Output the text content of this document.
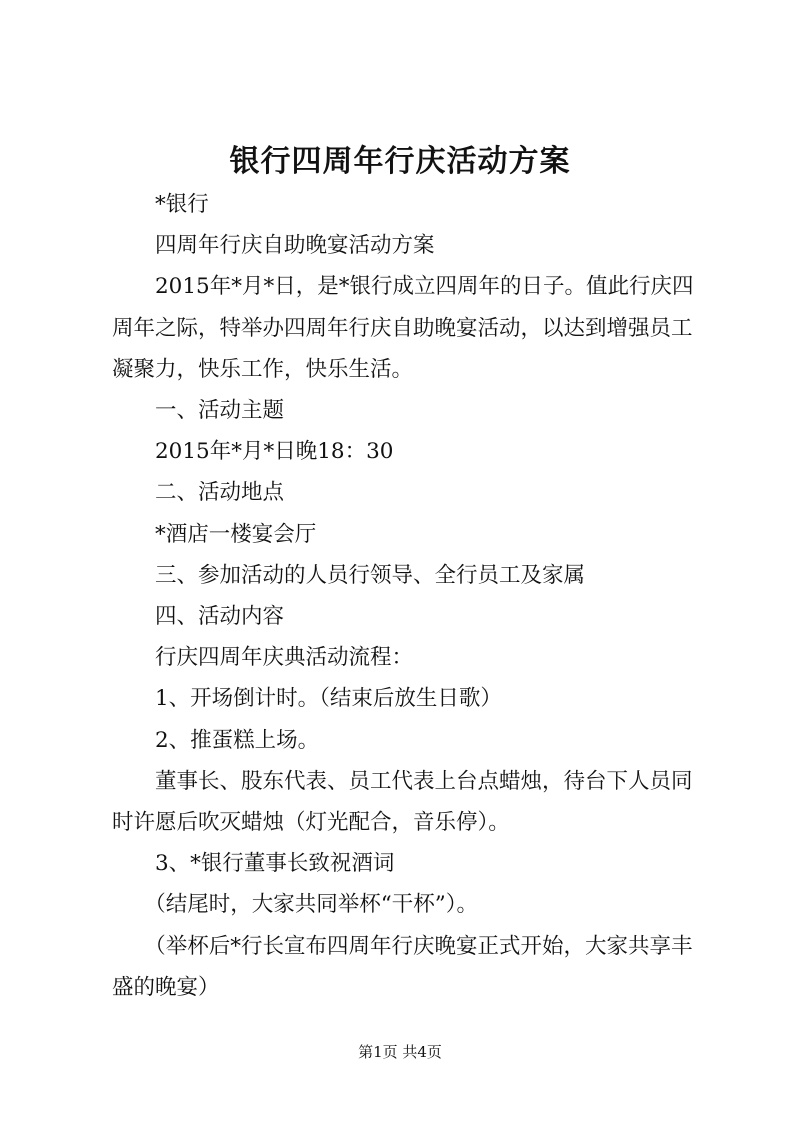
银行四周年行庆活动方案

*银行

四周年行庆自助晚宴活动方案

2015年*月*日，是*银行成立四周年的日子。值此行庆四周年之际，特举办四周年行庆自助晚宴活动，以达到增强员工凝聚力，快乐工作，快乐生活。

一、活动主题

2015年*月*日晚18：30

二、活动地点

*酒店一楼宴会厅

三、参加活动的人员行领导、全行员工及家属

四、活动内容

行庆四周年庆典活动流程：

1、开场倒计时。（结束后放生日歌）

2、推蛋糕上场。

董事长、股东代表、员工代表上台点蜡烛，待台下人员同时许愿后吹灭蜡烛（灯光配合，音乐停）。

3、*银行董事长致祝酒词

（结尾时，大家共同举杯“干杯”）。

（举杯后*行长宣布四周年行庆晚宴正式开始，大家共享丰盛的晚宴）

第1页 共4页
